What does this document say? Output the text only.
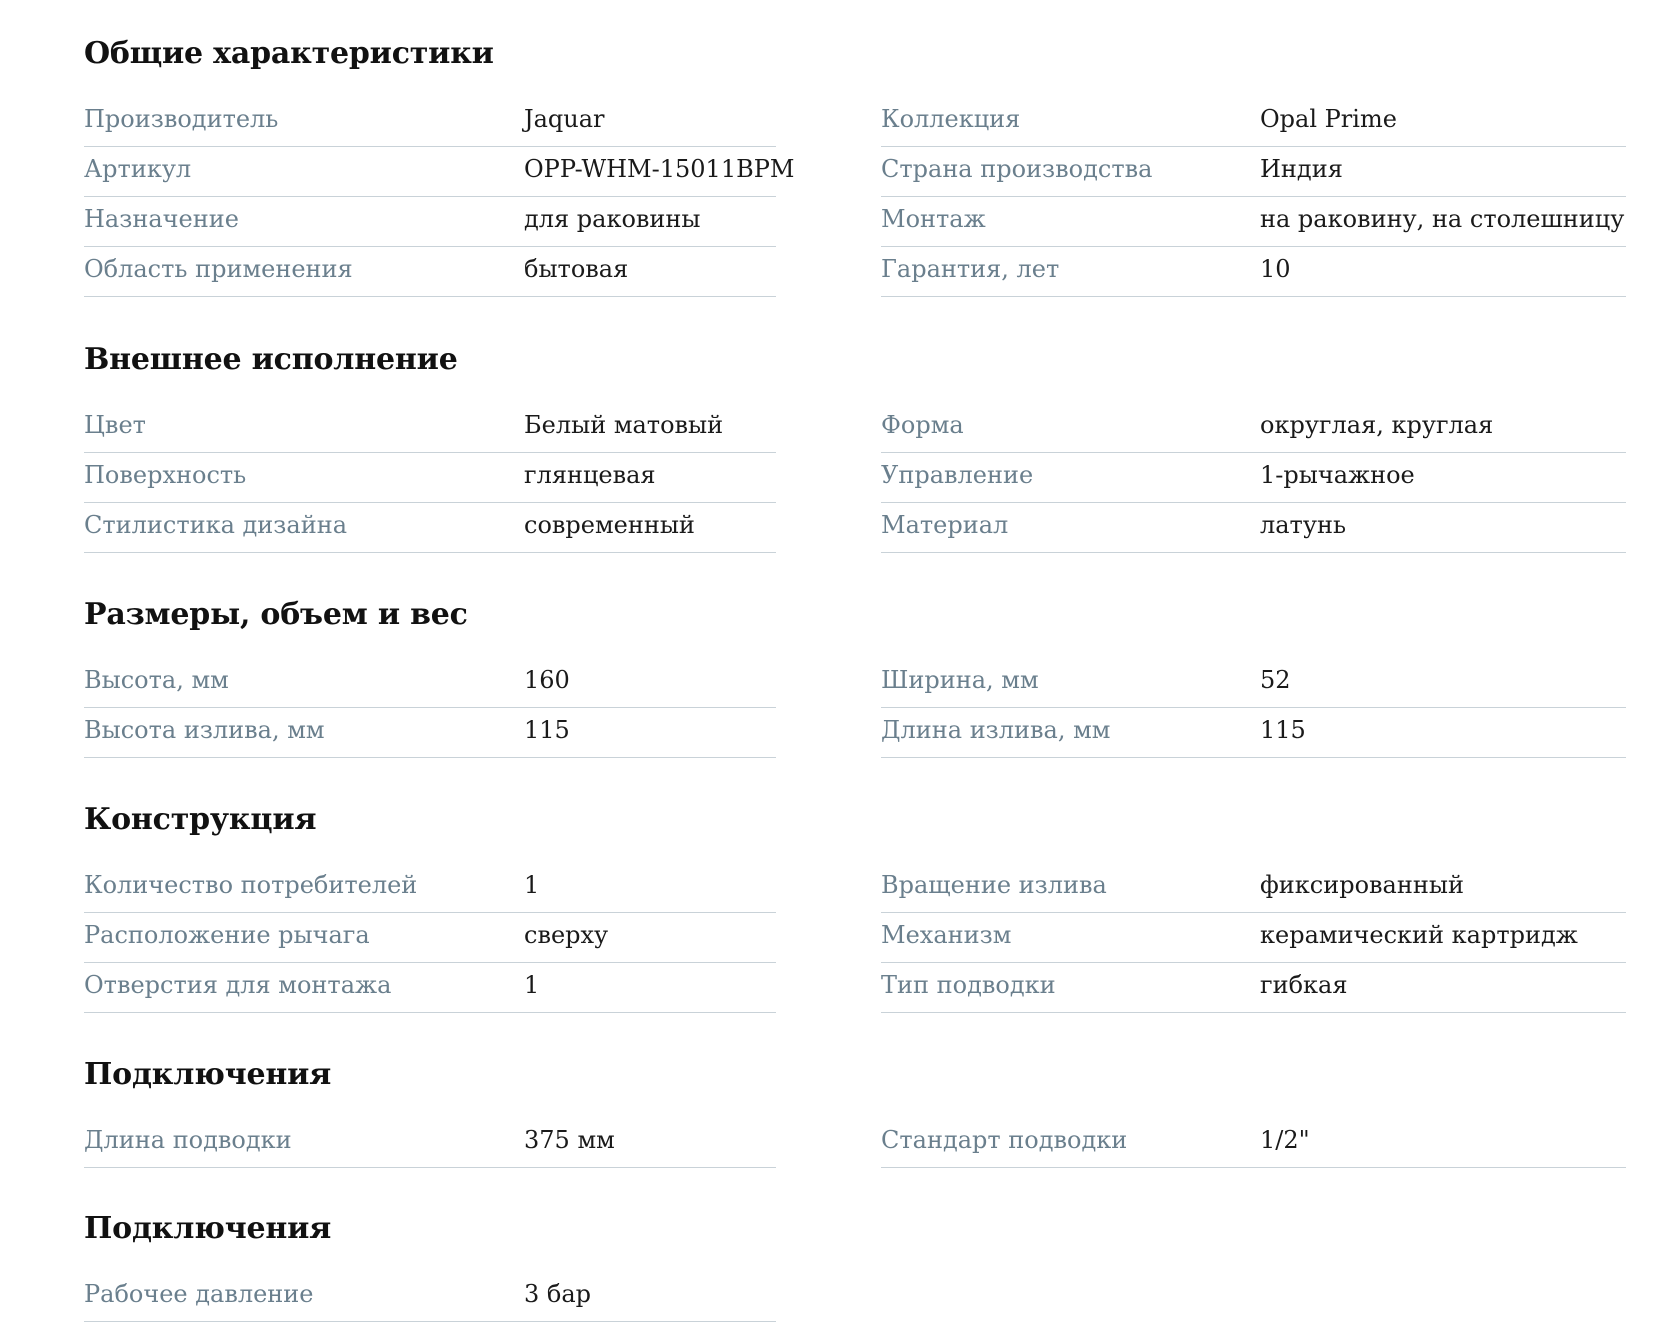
Общие характеристики
Производитель	Jaquar
Артикул	OPP-WHM-15011BPM
Назначение	для раковины
Область применения	бытовая
Коллекция	Opal Prime
Страна производства	Индия
Монтаж	на раковину, на столешницу
Гарантия, лет	10
Внешнее исполнение
Цвет	Белый матовый
Поверхность	глянцевая
Стилистика дизайна	современный
Форма	округлая, круглая
Управление	1-рычажное
Материал	латунь
Размеры, объем и вес
Высота, мм	160
Высота излива, мм	115
Ширина, мм	52
Длина излива, мм	115
Конструкция
Количество потребителей	1
Расположение рычага	сверху
Отверстия для монтажа	1
Вращение излива	фиксированный
Механизм	керамический картридж
Тип подводки	гибкая
Подключения
Длина подводки	375 мм	Стандарт подводки	1/2"
Подключения
Рабочее давление	3 бар
